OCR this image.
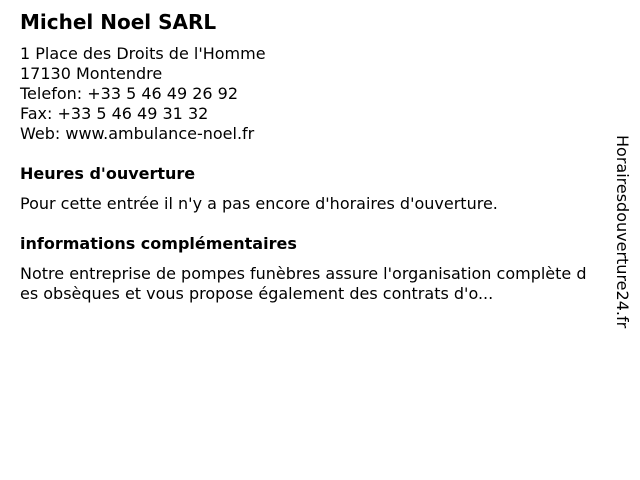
Michel Noel SARL
1 Place des Droits de l'Homme
17130 Montendre
Telefon: +33 5 46 49 26 92
Fax: +33 5 46 49 31 32
Web: www.ambulance-noel.fr
Heures d'ouverture
Pour cette entrée il n'y a pas encore d'horaires d'ouverture.
informations complémentaires
Notre entreprise de pompes funèbres assure l'organisation complète des obsèques et vous propose également des contrats d'o...	Horairesdouverture24.fr
